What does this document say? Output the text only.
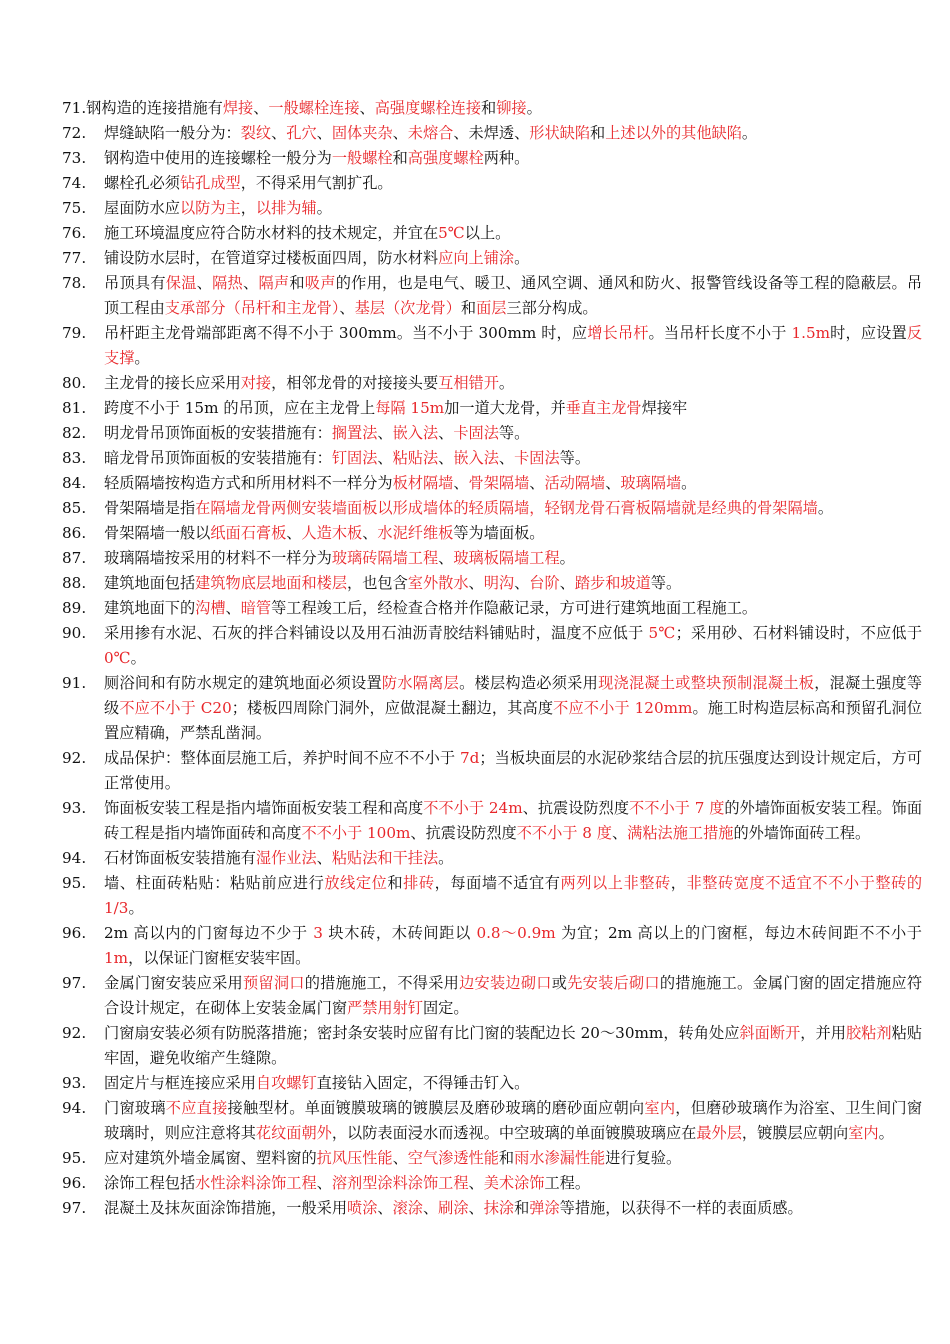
71. 钢构造的连接措施有焊接、一般螺栓连接、高强度螺栓连接和铆接。
72.	焊缝缺陷一般分为：裂纹、孔穴、固体夹杂、未熔合、未焊透、形状缺陷和上述以外的其他缺陷。
73.	钢构造中使用的连接螺栓一般分为一般螺栓和高强度螺栓两种。
74.	螺栓孔必须钻孔成型，不得采用气割扩孔。
75.	屋面防水应以防为主，以排为辅。
76.	施工环境温度应符合防水材料的技术规定，并宜在5℃以上。
77.	铺设防水层时，在管道穿过楼板面四周，防水材料应向上铺涂。
78.	吊顶具有保温、隔热、隔声和吸声的作用，也是电气、暖卫、通风空调、通风和防火、报警管线设备等工程的隐蔽层。吊顶工程由支承部分（吊杆和主龙骨）、基层（次龙骨）和面层三部分构成。
79.	吊杆距主龙骨端部距离不得不小于 300mm。当不小于 300mm 时，应增长吊杆。当吊杆长度不小于 1.5m时，应设置反支撑。
80.	主龙骨的接长应采用对接，相邻龙骨的对接接头要互相错开。
81.	跨度不小于 15m 的吊顶，应在主龙骨上每隔 15m加一道大龙骨，并垂直主龙骨焊接牢
82.	明龙骨吊顶饰面板的安装措施有：搁置法、嵌入法、卡固法等。
83.	暗龙骨吊顶饰面板的安装措施有：钉固法、粘贴法、嵌入法、卡固法等。
84.	轻质隔墙按构造方式和所用材料不一样分为板材隔墙、骨架隔墙、活动隔墙、玻璃隔墙。
85.	骨架隔墙是指在隔墙龙骨两侧安装墙面板以形成墙体的轻质隔墙，轻钢龙骨石膏板隔墙就是经典的骨架隔墙。
86.	骨架隔墙一般以纸面石膏板、人造木板、水泥纤维板等为墙面板。
87.	玻璃隔墙按采用的材料不一样分为玻璃砖隔墙工程、玻璃板隔墙工程。
88.	建筑地面包括建筑物底层地面和楼层，也包含室外散水、明沟、台阶、踏步和坡道等。
89.	建筑地面下的沟槽、暗管等工程竣工后，经检查合格并作隐蔽记录，方可进行建筑地面工程施工。
90.	采用掺有水泥、石灰的拌合料铺设以及用石油沥青胶结料铺贴时，温度不应低于 5℃；采用砂、石材料铺设时，不应低于 0℃。
91.	厕浴间和有防水规定的建筑地面必须设置防水隔离层。楼层构造必须采用现浇混凝土或整块预制混凝土板，混凝土强度等级不应不小于 C20；楼板四周除门洞外，应做混凝土翻边，其高度不应不小于 120mm。施工时构造层标高和预留孔洞位置应精确，严禁乱凿洞。
92.	成品保护：整体面层施工后，养护时间不应不不小于 7d；当板块面层的水泥砂浆结合层的抗压强度达到设计规定后，方可正常使用。
93.	饰面板安装工程是指内墙饰面板安装工程和高度不不小于 24m、抗震设防烈度不不小于 7 度的外墙饰面板安装工程。饰面砖工程是指内墙饰面砖和高度不不小于 100m、抗震设防烈度不不小于 8 度、满粘法施工措施的外墙饰面砖工程。
94.	石材饰面板安装措施有湿作业法、粘贴法和干挂法。
95.	墙、柱面砖粘贴：粘贴前应进行放线定位和排砖，每面墙不适宜有两列以上非整砖，非整砖宽度不适宜不不小于整砖的 1/3。
96.	2m 高以内的门窗每边不少于 3 块木砖，木砖间距以 0.8～0.9m 为宜；2m 高以上的门窗框，每边木砖间距不不小于 1m，以保证门窗框安装牢固。
97.	金属门窗安装应采用预留洞口的措施施工，不得采用边安装边砌口或先安装后砌口的措施施工。金属门窗的固定措施应符合设计规定，在砌体上安装金属门窗严禁用射钉固定。
92.	门窗扇安装必须有防脱落措施；密封条安装时应留有比门窗的装配边长 20～30mm，转角处应斜面断开，并用胶粘剂粘贴牢固，避免收缩产生缝隙。
93.	固定片与框连接应采用自攻螺钉直接钻入固定，不得锤击钉入。
94.	门窗玻璃不应直接接触型材。单面镀膜玻璃的镀膜层及磨砂玻璃的磨砂面应朝向室内，但磨砂玻璃作为浴室、卫生间门窗玻璃时，则应注意将其花纹面朝外，以防表面浸水而透视。中空玻璃的单面镀膜玻璃应在最外层，镀膜层应朝向室内。
95.	应对建筑外墙金属窗、塑料窗的抗风压性能、空气渗透性能和雨水渗漏性能进行复验。
96.	涂饰工程包括水性涂料涂饰工程、溶剂型涂料涂饰工程、美术涂饰工程。
97.	混凝土及抹灰面涂饰措施，一般采用喷涂、滚涂、刷涂、抹涂和弹涂等措施，以获得不一样的表面质感。
